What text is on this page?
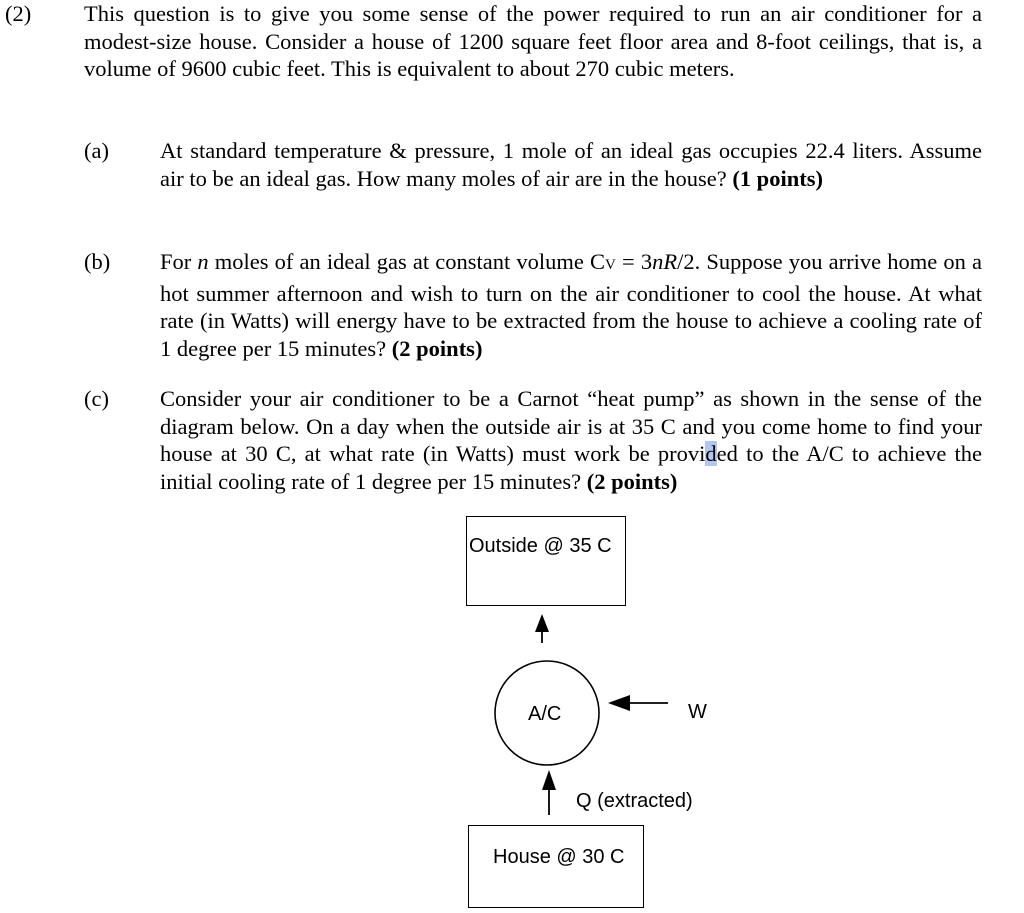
(2) This question is to give you some sense of the power required to run an air conditioner for a modest-size house. Consider a house of 1200 square feet floor area and 8-foot ceilings, that is, a volume of 9600 cubic feet. This is equivalent to about 270 cubic meters.
(a) At standard temperature & pressure, 1 mole of an ideal gas occupies 22.4 liters. Assume air to be an ideal gas. How many moles of air are in the house? (1 points)
(b) For n moles of an ideal gas at constant volume CV = 3nR/2. Suppose you arrive home on a hot summer afternoon and wish to turn on the air conditioner to cool the house. At what rate (in Watts) will energy have to be extracted from the house to achieve a cooling rate of 1 degree per 15 minutes? (2 points)
(c) Consider your air conditioner to be a Carnot “heat pump” as shown in the sense of the diagram below. On a day when the outside air is at 35 C and you come home to find your house at 30 C, at what rate (in Watts) must work be provided to the A/C to achieve the initial cooling rate of 1 degree per 15 minutes? (2 points)
Outside @ 35 C
A/C	W
Q (extracted)
House @ 30 C
